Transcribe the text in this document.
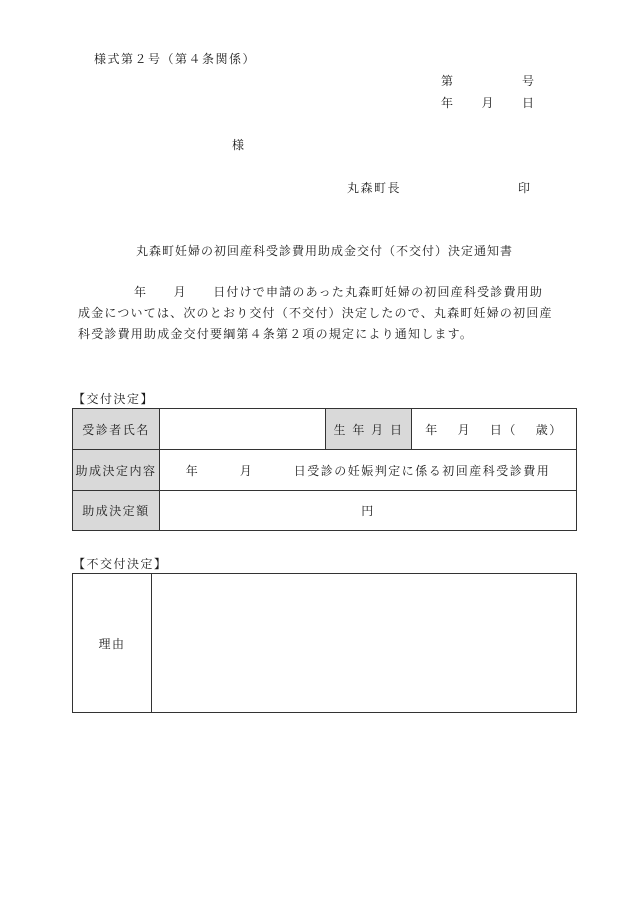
様式第２号（第４条関係）
第　　　　　号
年　　月　　日
様
丸森町長	印
丸森町妊婦の初回産科受診費用助成金交付（不交付）決定通知書

年　　月　　日付けで申請のあった丸森町妊婦の初回産科受診費用助

成金については、次のとおり交付（不交付）決定したので、丸森町妊婦の初回産

科受診費用助成金交付要綱第４条第２項の規定により通知します。

【交付決定】
受診者氏名		生 年 月 日	年　 月　 日（　 歳）
助成決定内容	年　　　月　　　日受診の妊娠判定に係る初回産科受診費用		
助成決定額	円		
【不交付決定】
理由	
